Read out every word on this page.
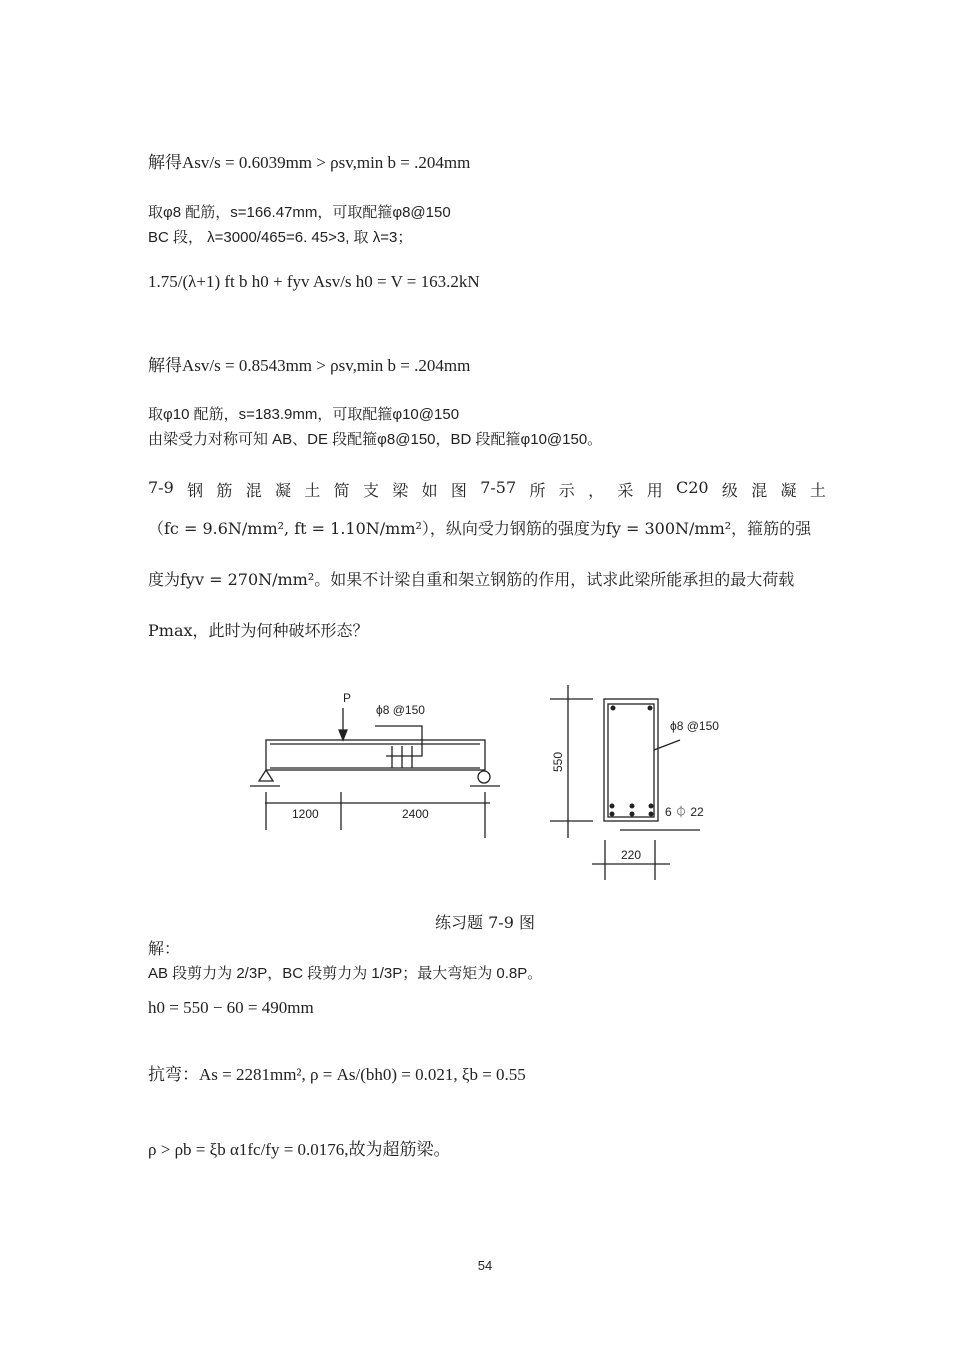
解得Asv/s = 0.6039mm > ρsv,min b = .204mm
取φ8 配筋，s=166.47mm，可取配箍φ8@150
BC 段， λ=3000/465=6. 45>3, 取 λ=3；
1.75/(λ+1) ft b h0 + fyv Asv/s h0 = V = 163.2kN
解得Asv/s = 0.8543mm > ρsv,min b = .204mm
取φ10 配筋，s=183.9mm，可取配箍φ10@150
由梁受力对称可知 AB、DE 段配箍φ8@150，BD 段配箍φ10@150。
7-9 钢 筋 混 凝 土 简 支 梁 如 图 7-57 所 示 ， 采 用 C20 级 混 凝 土
（fc = 9.6N/mm², ft = 1.10N/mm²），纵向受力钢筋的强度为fy = 300N/mm²，箍筋的强
度为fyv = 270N/mm²。如果不计梁自重和架立钢筋的作用，试求此梁所能承担的最大荷载
Pmax，此时为何种破坏形态？
P
ϕ8 @150
1200	2400
550
ϕ8 @150
6 ⏀ 22
220
练习题 7-9 图
解：
AB 段剪力为 2/3P，BC 段剪力为 1/3P；最大弯矩为 0.8P。
h0 = 550 − 60 = 490mm
抗弯：As = 2281mm², ρ = As/(bh0) = 0.021, ξb = 0.55
ρ > ρb = ξb α1fc/fy = 0.0176,故为超筋梁。
54
